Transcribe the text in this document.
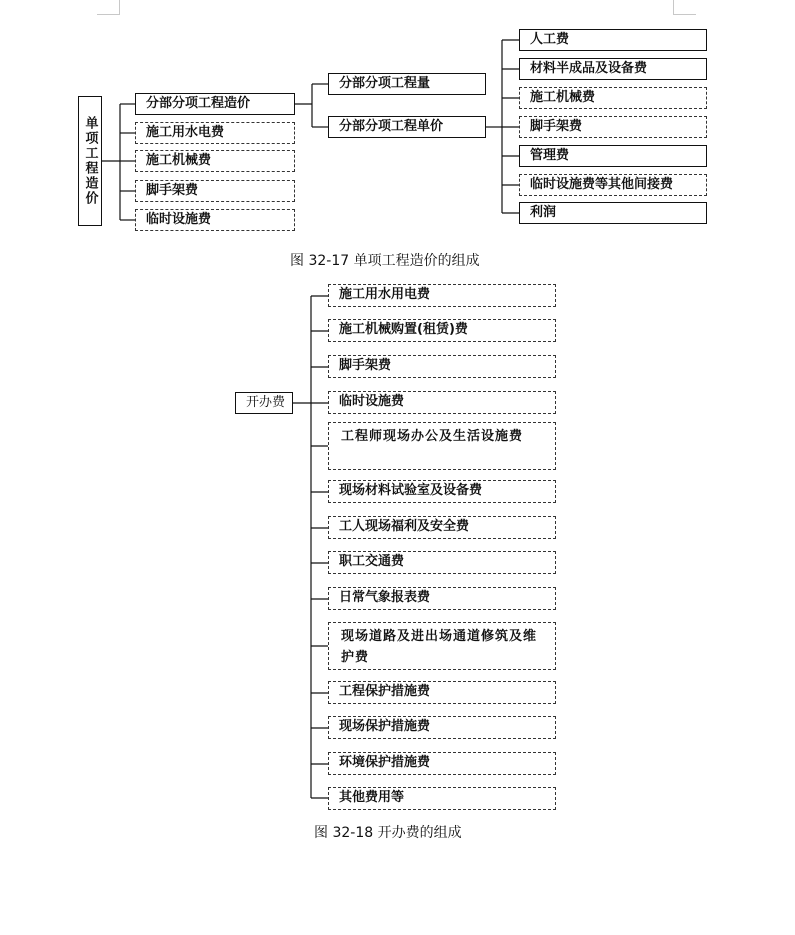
单项工程造价
分部分项工程造价
施工用水电费
施工机械费
脚手架费
临时设施费
分部分项工程量
分部分项工程单价
人工费
材料半成品及设备费
施工机械费
脚手架费
管理费
临时设施费等其他间接费
利润
图 32-17 单项工程造价的组成
开办费
施工用水用电费
施工机械购置(租赁)费
脚手架费
临时设施费
工程师现场办公及生活设施费
现场材料试验室及设备费
工人现场福利及安全费
职工交通费
日常气象报表费
现场道路及进出场通道修筑及维护费
工程保护措施费
现场保护措施费
环境保护措施费
其他费用等
图 32-18 开办费的组成
